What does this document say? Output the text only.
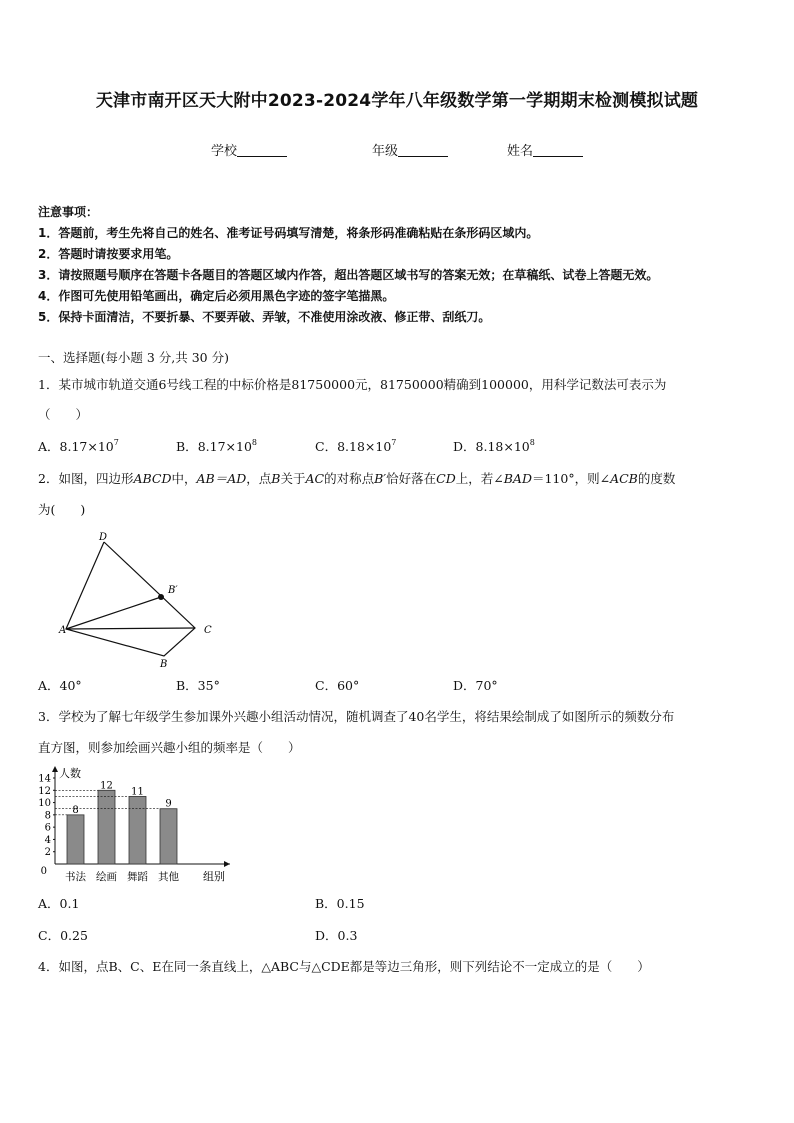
天津市南开区天大附中2023-2024学年八年级数学第一学期期末检测模拟试题
学校	年级	姓名
注意事项：
1．答题前，考生先将自己的姓名、准考证号码填写清楚，将条形码准确粘贴在条形码区域内。
2．答题时请按要求用笔。
3．请按照题号顺序在答题卡各题目的答题区域内作答，超出答题区域书写的答案无效；在草稿纸、试卷上答题无效。
4．作图可先使用铅笔画出，确定后必须用黑色字迹的签字笔描黑。
5．保持卡面清洁，不要折暴、不要弄破、弄皱，不准使用涂改液、修正带、刮纸刀。
一、选择题(每小题 3 分,共 30 分)
1．某市城市轨道交通6号线工程的中标价格是81750000元，81750000精确到100000，用科学记数法可表示为
（　　）
A．$8.17\times 10^7$	B．$8.17\times 10^8$	C．$8.18\times 10^7$	D．$8.18\times 10^8$
2．如图，四边形ABCD中，AB＝AD，点B关于AC的对称点B′恰好落在CD上，若∠BAD＝110°，则∠ACB的度数
为(　　)
D
A
B
C
B′
A．40°	B．35°	C．60°	D．70°
3．学校为了解七年级学生参加课外兴趣小组活动情况，随机调查了40名学生，将结果绘制成了如图所示的频数分布
直方图，则参加绘画兴趣小组的频率是（　　）
0
2
4
6
8
10
12
14 人数
组别
8
书法
12
绘画
11
舞蹈
9
其他
A．0.1	B．0.15
C．0.25	D．0.3
4．如图，点B、C、E在同一条直线上，△ABC与△CDE都是等边三角形，则下列结论不一定成立的是（　　）
